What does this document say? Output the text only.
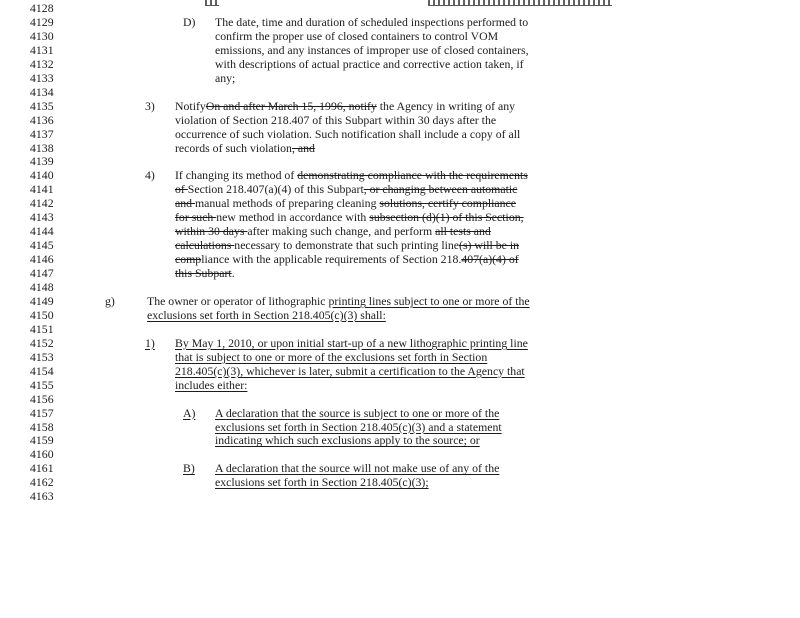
4128
4129	D) The date, time and duration of scheduled inspections performed to
4130	confirm the proper use of closed containers to control VOM
4131	emissions, and any instances of improper use of closed containers,
4132	with descriptions of actual practice and corrective action taken, if
4133	any;
4134
4135	3) NotifyOn and after March 15, 1996, notify the Agency in writing of any
4136	violation of Section 218.407 of this Subpart within 30 days after the
4137	occurrence of such violation. Such notification shall include a copy of all
4138	records of such violation, and
4139
4140	4) If changing its method of demonstrating compliance with the requirements
4141	of Section 218.407(a)(4) of this Subpart, or changing between automatic
4142	and manual methods of preparing cleaning solutions, certify compliance
4143	for such new method in accordance with subsection (d)(1) of this Section,
4144	within 30 days after making such change, and perform all tests and
4145	calculations necessary to demonstrate that such printing line(s) will be in
4146	compliance with the applicable requirements of Section 218.407(a)(4) of
4147	this Subpart.
4148
4149	g)	The owner or operator of lithographic printing lines subject to one or more of the
4150	exclusions set forth in Section 218.405(c)(3) shall:
4151
4152	1) By May 1, 2010, or upon initial start-up of a new lithographic printing line
4153	that is subject to one or more of the exclusions set forth in Section
4154	218.405(c)(3), whichever is later, submit a certification to the Agency that
4155	includes either:
4156
4157	A) A declaration that the source is subject to one or more of the
4158	exclusions set forth in Section 218.405(c)(3) and a statement
4159	indicating which such exclusions apply to the source; or
4160
4161	B) A declaration that the source will not make use of any of the
4162	exclusions set forth in Section 218.405(c)(3);
4163
